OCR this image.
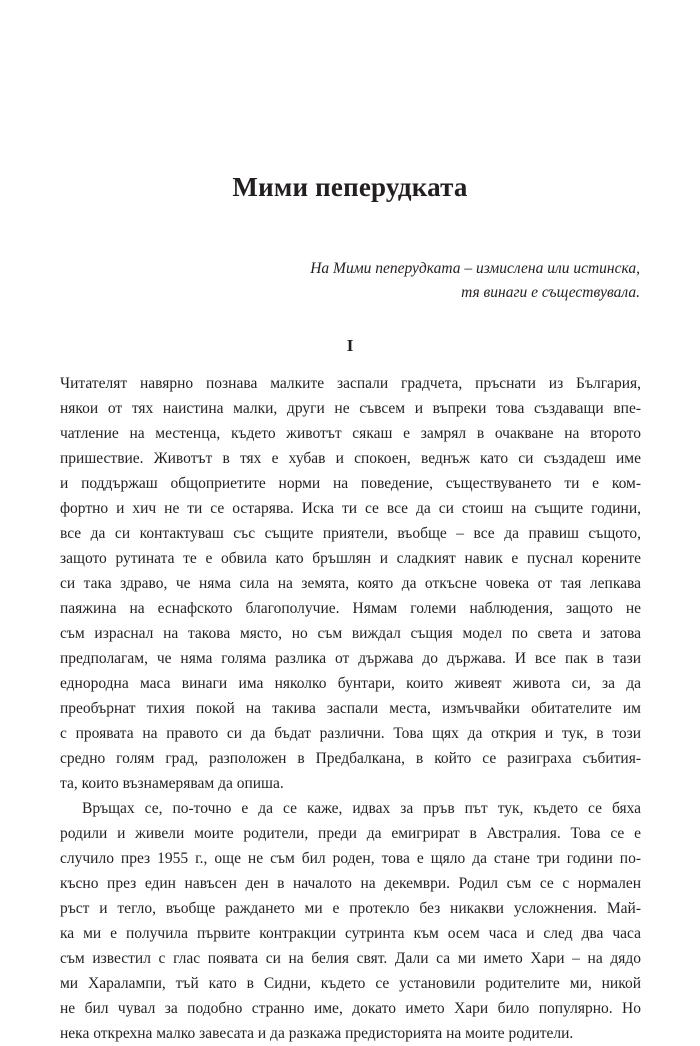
Мими пеперудката
На Мими пеперудката – измислена или истинска,
тя винаги е съществувала.
I
Читателят навярно познава малките заспали градчета, пръснати из България,
някои от тях наистина малки, други не съвсем и въпреки това създаващи впе-
чатление на местенца, където животът сякаш е замрял в очакване на второто
пришествие. Животът в тях е хубав и спокоен, веднъж като си създадеш име
и поддържаш общоприетите норми на поведение, съществуването ти е ком-
фортно и хич не ти се остарява. Иска ти се все да си стоиш на същите години,
все да си контактуваш със същите приятели, въобще – все да правиш същото,
защото рутината те е обвила като бръшлян и сладкият навик е пуснал корените
си така здраво, че няма сила на земята, която да откъсне човека от тая лепкава
паяжина на еснафското благополучие. Нямам големи наблюдения, защото не
съм израснал на такова място, но съм виждал същия модел по света и затова
предполагам, че няма голяма разлика от държава до държава. И все пак в тази
еднородна маса винаги има няколко бунтари, които живеят живота си, за да
преобърнат тихия покой на такива заспали места, измъчвайки обитателите им
с проявата на правото си да бъдат различни. Това щях да открия и тук, в този
средно голям град, разположен в Предбалкана, в който се разиграха събития-
та, които възнамерявам да опиша.
Връщах се, по-точно е да се каже, идвах за пръв път тук, където се бяха
родили и живели моите родители, преди да емигрират в Австралия. Това се е
случило през 1955 г., още не съм бил роден, това е щяло да стане три години по-
късно през един навъсен ден в началото на декември. Родил съм се с нормален
ръст и тегло, въобще раждането ми е протекло без никакви усложнения. Май-
ка ми е получила първите контракции сутринта към осем часа и след два часа
съм известил с глас появата си на белия свят. Дали са ми името Хари – на дядо
ми Харалампи, тъй като в Сидни, където се установили родителите ми, никой
не бил чувал за подобно странно име, докато името Хари било популярно. Но
нека открехна малко завесата и да разкажа предисторията на моите родители.
